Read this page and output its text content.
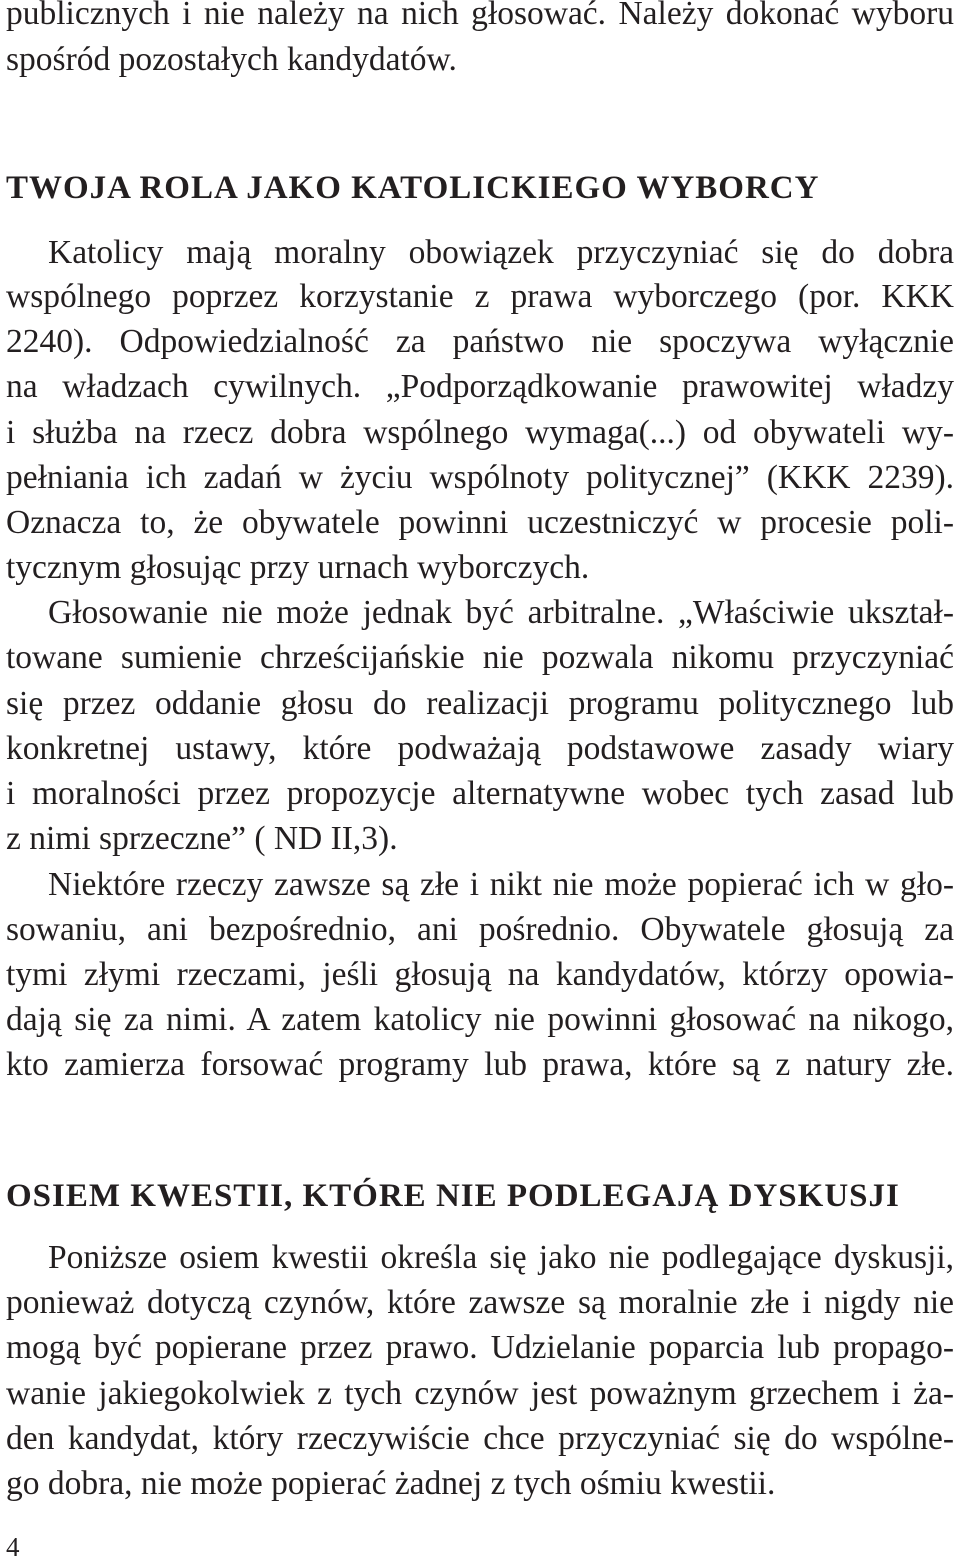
publicznych i nie należy na nich głosować. Należy dokonać wyboru
spośród pozostałych kandydatów.
TWOJA ROLA JAKO KATOLICKIEGO WYBORCY
Katolicy mają moralny obowiązek przyczyniać się do dobra
wspólnego poprzez korzystanie z prawa wyborczego (por. KKK
2240). Odpowiedzialność za państwo nie spoczywa wyłącznie
na władzach cywilnych. „Podporządkowanie prawowitej władzy
i służba na rzecz dobra wspólnego wymaga(...) od obywateli wy-
pełniania ich zadań w życiu wspólnoty politycznej” (KKK 2239).
Oznacza to, że obywatele powinni uczestniczyć w procesie poli-
tycznym głosując przy urnach wyborczych.
Głosowanie nie może jednak być arbitralne. „Właściwie ukształ-
towane sumienie chrześcijańskie nie pozwala nikomu przyczyniać
się przez oddanie głosu do realizacji programu politycznego lub
konkretnej ustawy, które podważają podstawowe zasady wiary
i moralności przez propozycje alternatywne wobec tych zasad lub
z nimi sprzeczne” ( ND II,3).
Niektóre rzeczy zawsze są złe i nikt nie może popierać ich w gło-
sowaniu, ani bezpośrednio, ani pośrednio. Obywatele głosują za
tymi złymi rzeczami, jeśli głosują na kandydatów, którzy opowia-
dają się za nimi. A zatem katolicy nie powinni głosować na nikogo,
kto zamierza forsować programy lub prawa, które są z natury złe.
OSIEM KWESTII, KTÓRE NIE PODLEGAJĄ DYSKUSJI
Poniższe osiem kwestii określa się jako nie podlegające dyskusji,
ponieważ dotyczą czynów, które zawsze są moralnie złe i nigdy nie
mogą być popierane przez prawo. Udzielanie poparcia lub propago-
wanie jakiegokolwiek z tych czynów jest poważnym grzechem i ża-
den kandydat, który rzeczywiście chce przyczyniać się do wspólne-
go dobra, nie może popierać żadnej z tych ośmiu kwestii.
4
